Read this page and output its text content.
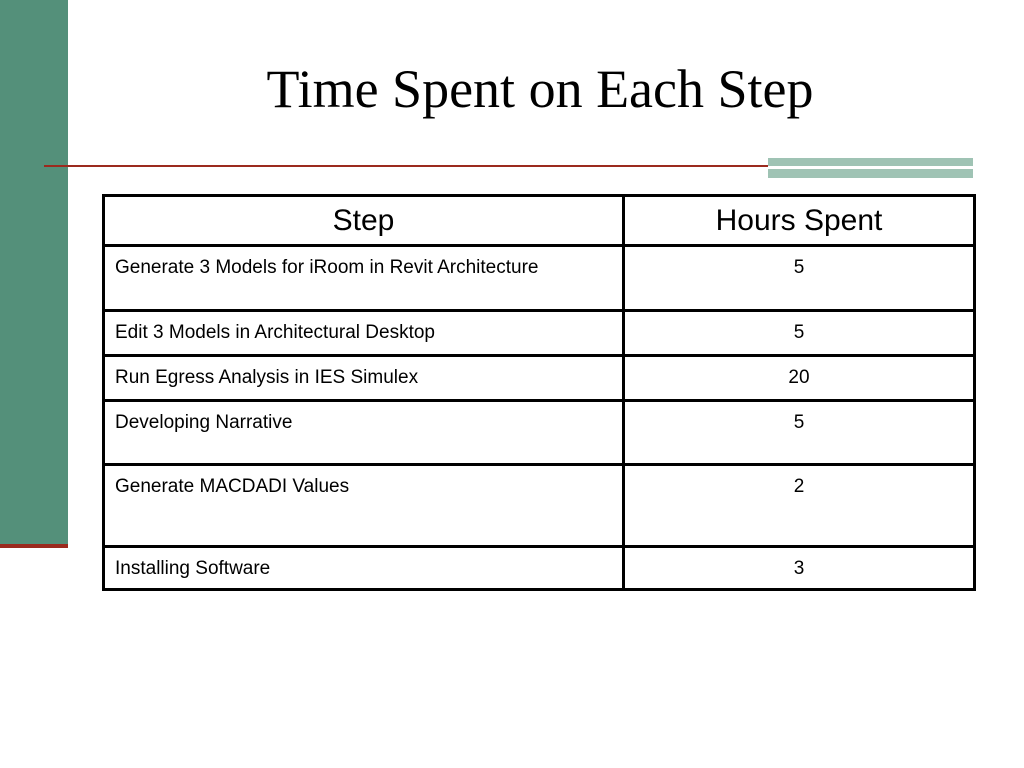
Time Spent on Each Step
Step	Hours Spent
Generate 3 Models for iRoom in Revit Architecture	5
Edit 3 Models in Architectural Desktop	5
Run Egress Analysis in IES Simulex	20
Developing Narrative	5
Generate MACDADI Values	2
Installing Software	3
